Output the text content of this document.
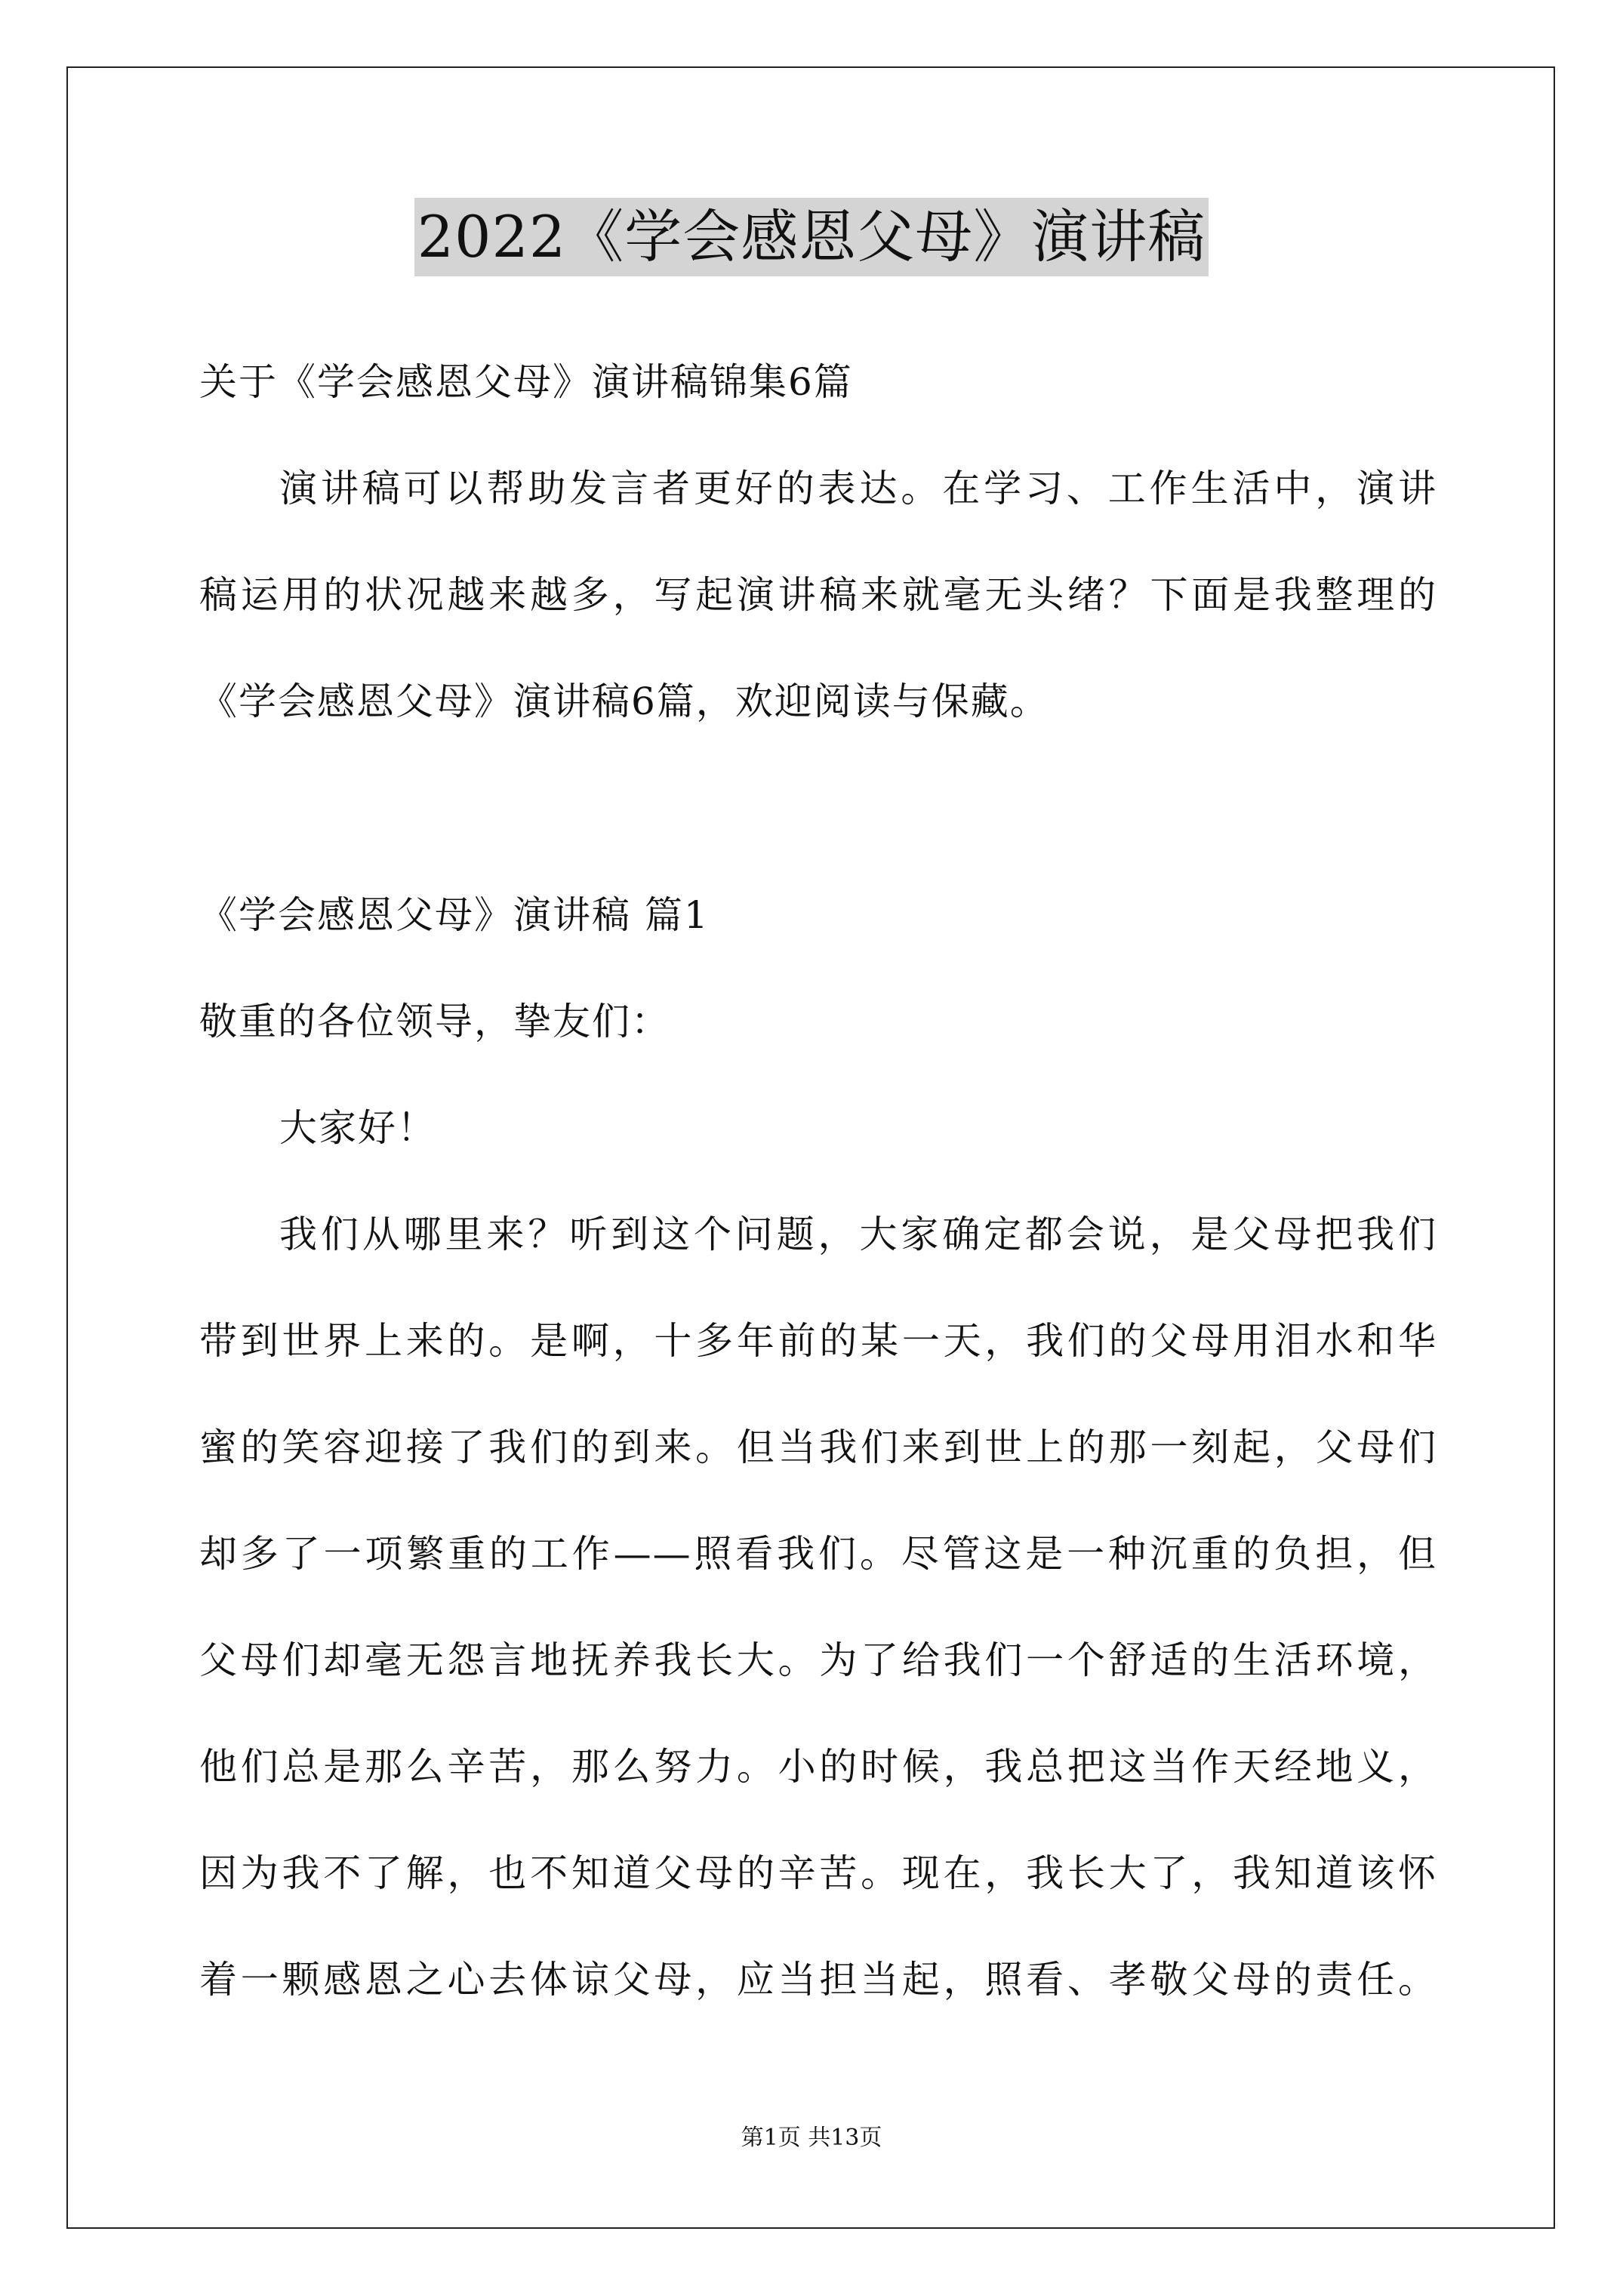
2022《学会感恩父母》演讲稿
关于《学会感恩父母》演讲稿锦集6篇
演讲稿可以帮助发言者更好的表达。在学习、工作生活中，演讲
稿运用的状况越来越多，写起演讲稿来就毫无头绪？下面是我整理的
《学会感恩父母》演讲稿6篇，欢迎阅读与保藏。
《学会感恩父母》演讲稿 篇1
敬重的各位领导，挚友们：
大家好！
我们从哪里来？听到这个问题，大家确定都会说，是父母把我们
带到世界上来的。是啊，十多年前的某一天，我们的父母用泪水和华
蜜的笑容迎接了我们的到来。但当我们来到世上的那一刻起，父母们
却多了一项繁重的工作——照看我们。尽管这是一种沉重的负担，但
父母们却毫无怨言地抚养我长大。为了给我们一个舒适的生活环境，
他们总是那么辛苦，那么努力。小的时候，我总把这当作天经地义，
因为我不了解，也不知道父母的辛苦。现在，我长大了，我知道该怀
着一颗感恩之心去体谅父母，应当担当起，照看、孝敬父母的责任。
第1页 共13页
